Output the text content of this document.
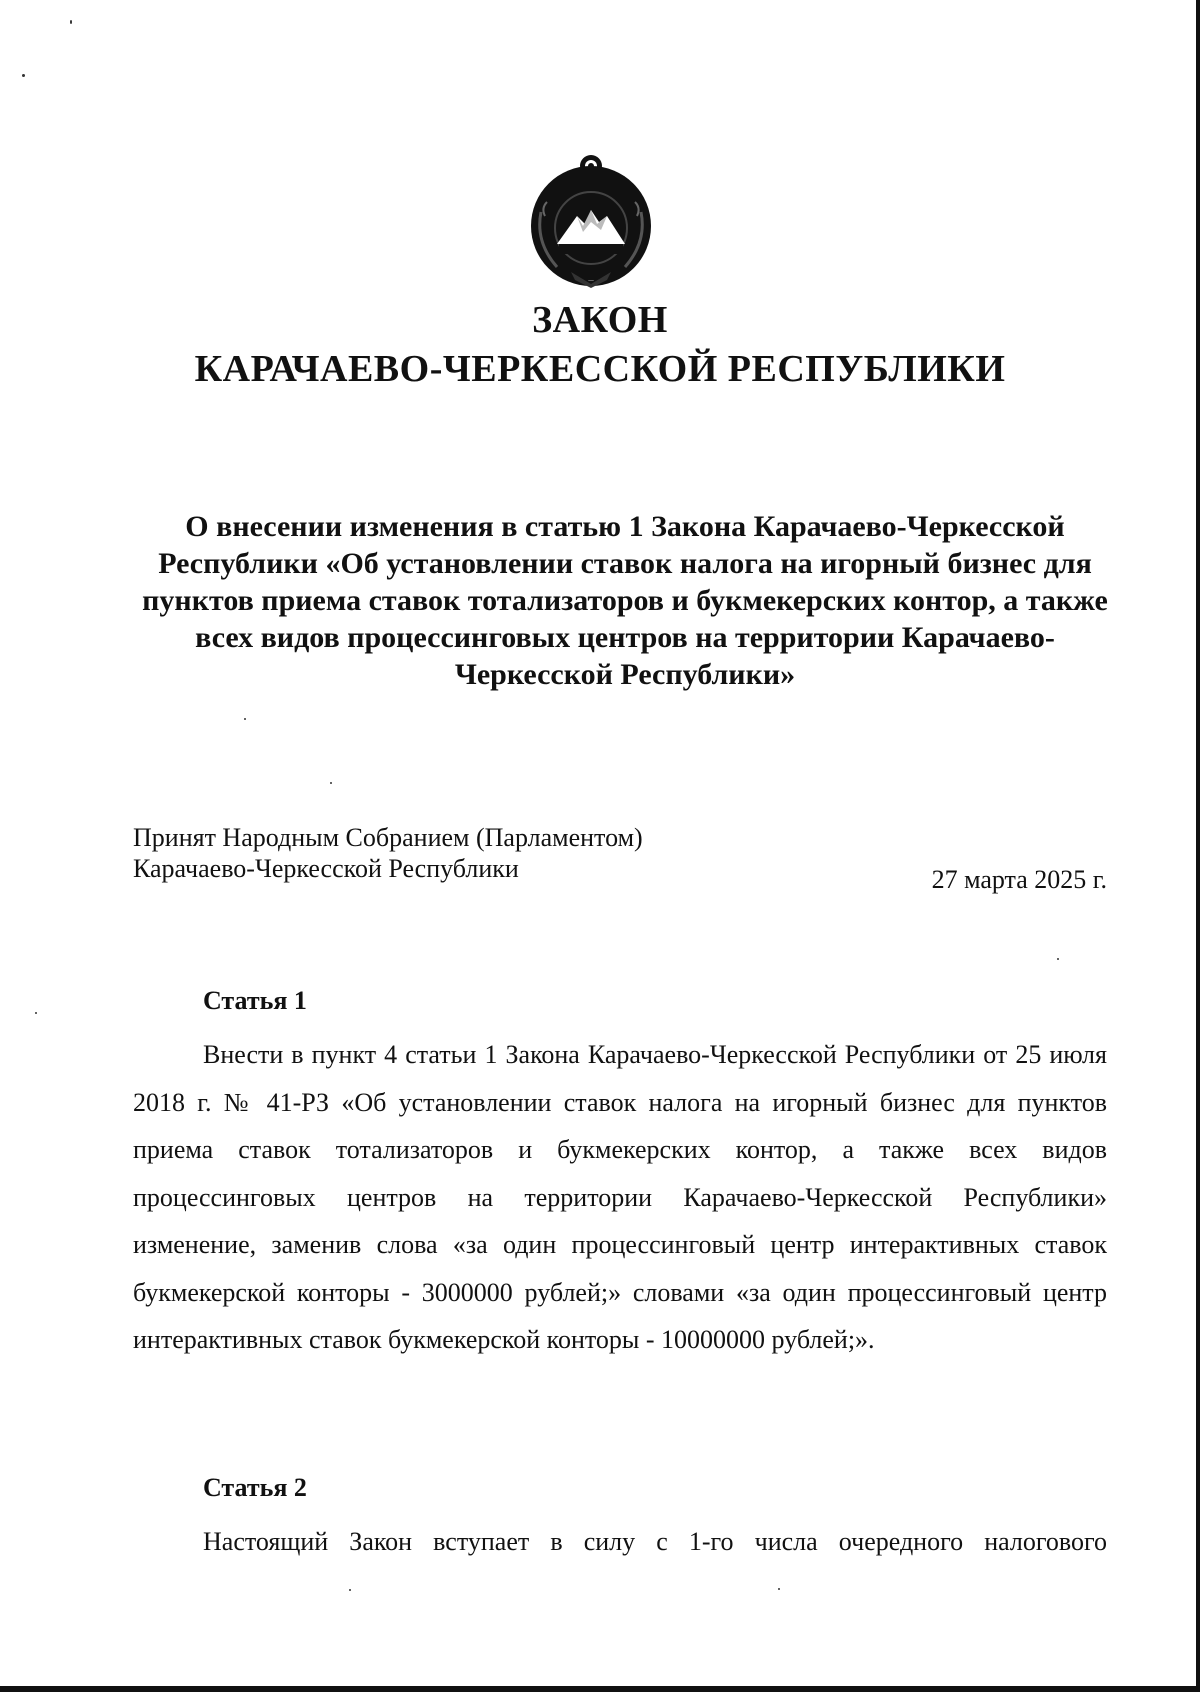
—
ЗАКОН
КАРАЧАЕВО-ЧЕРКЕССКОЙ РЕСПУБЛИКИ

О внесении изменения в статью 1 Закона Карачаево-Черкесской Республики «Об установлении ставок налога на игорный бизнес для пунктов приема ставок тотализаторов и букмекерских контор, а также всех видов процессинговых центров на территории Карачаево-Черкесской Республики»

Принят Народным Собранием (Парламентом)
Карачаево-Черкесской Республики	27 марта 2025 г.
Статья 1

Внести в пункт 4 статьи 1 Закона Карачаево-Черкесской Республики от 25 июля 2018 г. № 41-РЗ «Об установлении ставок налога на игорный бизнес для пунктов приема ставок тотализаторов и букмекерских контор, а также всех видов процессинговых центров на территории Карачаево-Черкесской Республики» изменение, заменив слова «за один процессинговый центр интерактивных ставок букмекерской конторы - 3000000 рублей;» словами «за один процессинговый центр интерактивных ставок букмекерской конторы - 10000000 рублей;».

Статья 2

Настоящий Закон вступает в силу с 1-го числа очередного налогового
